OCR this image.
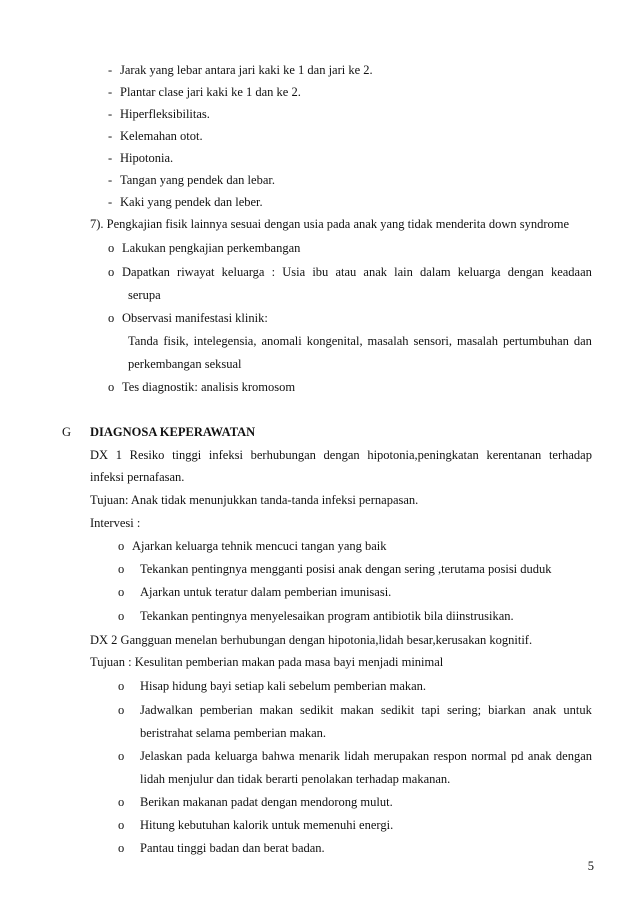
- Jarak yang lebar antara jari kaki ke 1 dan jari ke 2.
- Plantar clase jari kaki ke 1 dan ke 2.
- Hiperfleksibilitas.
- Kelemahan otot.
- Hipotonia.
- Tangan yang pendek dan lebar.
- Kaki yang pendek dan leber.
7). Pengkajian fisik lainnya sesuai dengan usia pada anak yang tidak menderita down syndrome
o Lakukan pengkajian perkembangan
o Dapatkan riwayat keluarga : Usia ibu atau anak lain dalam keluarga dengan keadaan
serupa
o Observasi manifestasi klinik:
Tanda fisik, intelegensia, anomali kongenital, masalah sensori, masalah pertumbuhan dan
perkembangan seksual
o Tes diagnostik: analisis kromosom
G DIAGNOSA KEPERAWATAN
DX 1 Resiko tinggi infeksi berhubungan dengan hipotonia,peningkatan kerentanan terhadap
infeksi pernafasan.
Tujuan: Anak tidak menunjukkan tanda-tanda infeksi pernapasan.
Intervesi :
o Ajarkan keluarga tehnik mencuci tangan yang baik
o Tekankan pentingnya mengganti posisi anak dengan sering ,terutama posisi duduk
o Ajarkan untuk teratur dalam pemberian imunisasi.
o Tekankan pentingnya menyelesaikan program antibiotik bila diinstrusikan.
DX 2 Gangguan menelan berhubungan dengan hipotonia,lidah besar,kerusakan kognitif.
Tujuan : Kesulitan pemberian makan pada masa bayi menjadi minimal
o Hisap hidung bayi setiap kali sebelum pemberian makan.
o Jadwalkan pemberian makan sedikit makan sedikit tapi sering; biarkan anak untuk
beristrahat selama pemberian makan.
o Jelaskan pada keluarga bahwa menarik lidah merupakan respon normal pd anak dengan
lidah menjulur dan tidak berarti penolakan terhadap makanan.
o Berikan makanan padat dengan mendorong mulut.
o Hitung kebutuhan kalorik untuk memenuhi energi.
o Pantau tinggi badan dan berat badan.
5
